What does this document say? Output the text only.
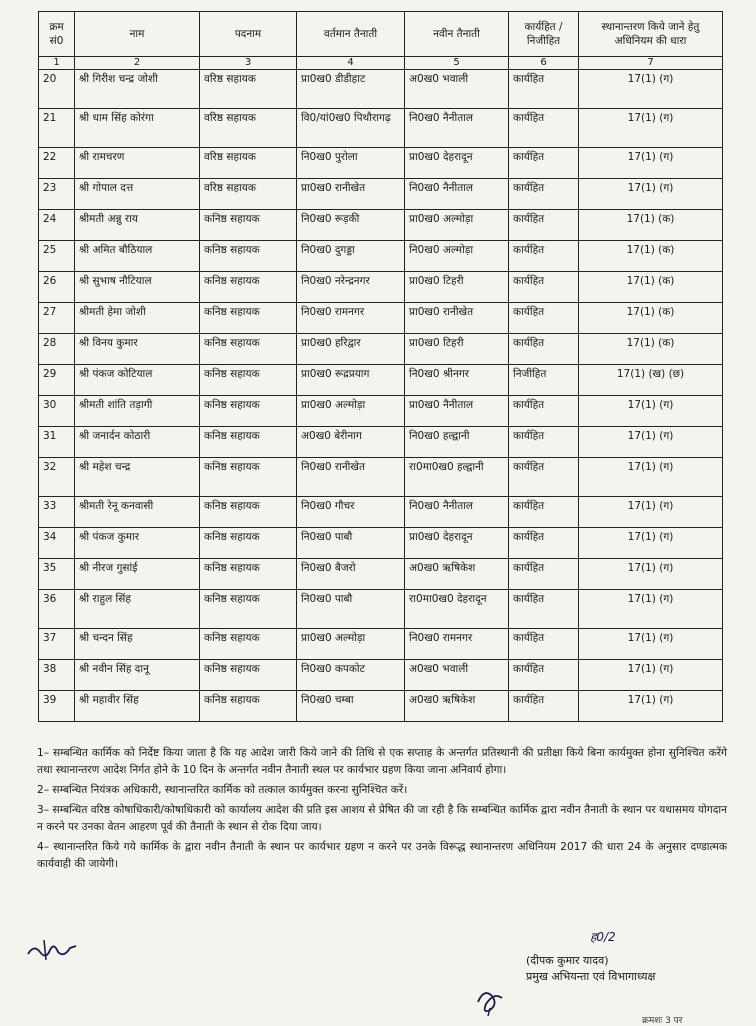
क्रम सं0	नाम	पदनाम	वर्तमान तैनाती	नवीन तैनाती	कार्यहित / निजीहित	स्थानान्तरण किये जाने हेतु अधिनियम की धारा
1	2	3	4	5	6	7
20	श्री गिरीश चन्द्र जोशी	वरिष्ठ सहायक	प्रा0ख0 डीडीहाट	अ0ख0 भवाली	कार्यहित	17(1) (ग)
21	श्री धाम सिंह कोरंगा	वरिष्ठ सहायक	वि0/यां0ख0 पिथौरागढ़	नि0ख0 नैनीताल	कार्यहित	17(1) (ग)
22	श्री रामचरण	वरिष्ठ सहायक	नि0ख0 पुरोला	प्रा0ख0 देहरादून	कार्यहित	17(1) (ग)
23	श्री गोपाल दत्त	वरिष्ठ सहायक	प्रा0ख0 रानीखेत	नि0ख0 नैनीताल	कार्यहित	17(1) (ग)
24	श्रीमती अन्नु राय	कनिष्ठ सहायक	नि0ख0 रूड़की	प्रा0ख0 अल्मोड़ा	कार्यहित	17(1) (क)
25	श्री अमित बौठियाल	कनिष्ठ सहायक	नि0ख0 दुगड्डा	नि0ख0 अल्मोड़ा	कार्यहित	17(1) (क)
26	श्री सुभाष नौटियाल	कनिष्ठ सहायक	नि0ख0 नरेन्द्रनगर	प्रा0ख0 टिहरी	कार्यहित	17(1) (क)
27	श्रीमती हेमा जोशी	कनिष्ठ सहायक	नि0ख0 रामनगर	प्रा0ख0 रानीखेत	कार्यहित	17(1) (क)
28	श्री विनय कुमार	कनिष्ठ सहायक	प्रा0ख0 हरिद्वार	प्रा0ख0 टिहरी	कार्यहित	17(1) (क)
29	श्री पंकज कोटियाल	कनिष्ठ सहायक	प्रा0ख0 रूद्रप्रयाग	नि0ख0 श्रीनगर	निजीहित	17(1) (ख) (छ)
30	श्रीमती शांति तड़ागी	कनिष्ठ सहायक	प्रा0ख0 अल्मोड़ा	प्रा0ख0 नैनीताल	कार्यहित	17(1) (ग)
31	श्री जनार्दन कोठारी	कनिष्ठ सहायक	अ0ख0 बेरीनाग	नि0ख0 हल्द्वानी	कार्यहित	17(1) (ग)
32	श्री महेश चन्द्र	कनिष्ठ सहायक	नि0ख0 रानीखेत	रा0मा0ख0 हल्द्वानी	कार्यहित	17(1) (ग)
33	श्रीमती रेनू कनवासी	कनिष्ठ सहायक	नि0ख0 गौचर	नि0ख0 नैनीताल	कार्यहित	17(1) (ग)
34	श्री पंकज कुमार	कनिष्ठ सहायक	नि0ख0 पाबौ	प्रा0ख0 देहरादून	कार्यहित	17(1) (ग)
35	श्री नीरज गुसांई	कनिष्ठ सहायक	नि0ख0 बैजरो	अ0ख0 ऋषिकेश	कार्यहित	17(1) (ग)
36	श्री राहुल सिंह	कनिष्ठ सहायक	नि0ख0 पाबौ	रा0मा0ख0 देहरादून	कार्यहित	17(1) (ग)
37	श्री चन्दन सिंह	कनिष्ठ सहायक	प्रा0ख0 अल्मोड़ा	नि0ख0 रामनगर	कार्यहित	17(1) (ग)
38	श्री नवीन सिंह दानू	कनिष्ठ सहायक	नि0ख0 कपकोट	अ0ख0 भवाली	कार्यहित	17(1) (ग)
39	श्री महावीर सिंह	कनिष्ठ सहायक	नि0ख0 चम्बा	अ0ख0 ऋषिकेश	कार्यहित	17(1) (ग)

1– सम्बन्धित कार्मिक को निर्देष्ट किया जाता है कि यह आदेश जारी किये जाने की तिथि से एक सप्ताह के अन्तर्गत प्रतिस्थानी की प्रतीक्षा किये बिना कार्यमुक्त होना सुनिश्चित करेंगे तथा स्थानान्तरण आदेश निर्गत होने के 10 दिन के अन्तर्गत नवीन तैनाती स्थल पर कार्यभार ग्रहण किया जाना अनिवार्य होगा।

2– सम्बन्धित नियंत्रक अधिकारी, स्थानान्तरित कार्मिक को तत्काल कार्यमुक्त करना सुनिश्चित करें।

3– सम्बन्धित वरिष्ठ कोषाधिकारी/कोषाधिकारी को कार्यालय आदेश की प्रति इस आशय से प्रेषित की जा रही है कि सम्बन्धित कार्मिक द्वारा नवीन तैनाती के स्थान पर यथासमय योगदान न करने पर उनका वेतन आहरण पूर्व की तैनाती के स्थान से रोक दिया जाय।

4– स्थानान्तरित किये गये कार्मिक के द्वारा नवीन तैनाती के स्थान पर कार्यभार ग्रहण न करने पर उनके विरूद्ध स्थानान्तरण अधिनियम 2017 की धारा 24 के अनुसार दण्डात्मक कार्यवाही की जायेगी।

ह0/2
(दीपक कुमार यादव)
प्रमुख अभियन्ता एवं विभागाध्यक्ष
क्रमशः 3 पर
